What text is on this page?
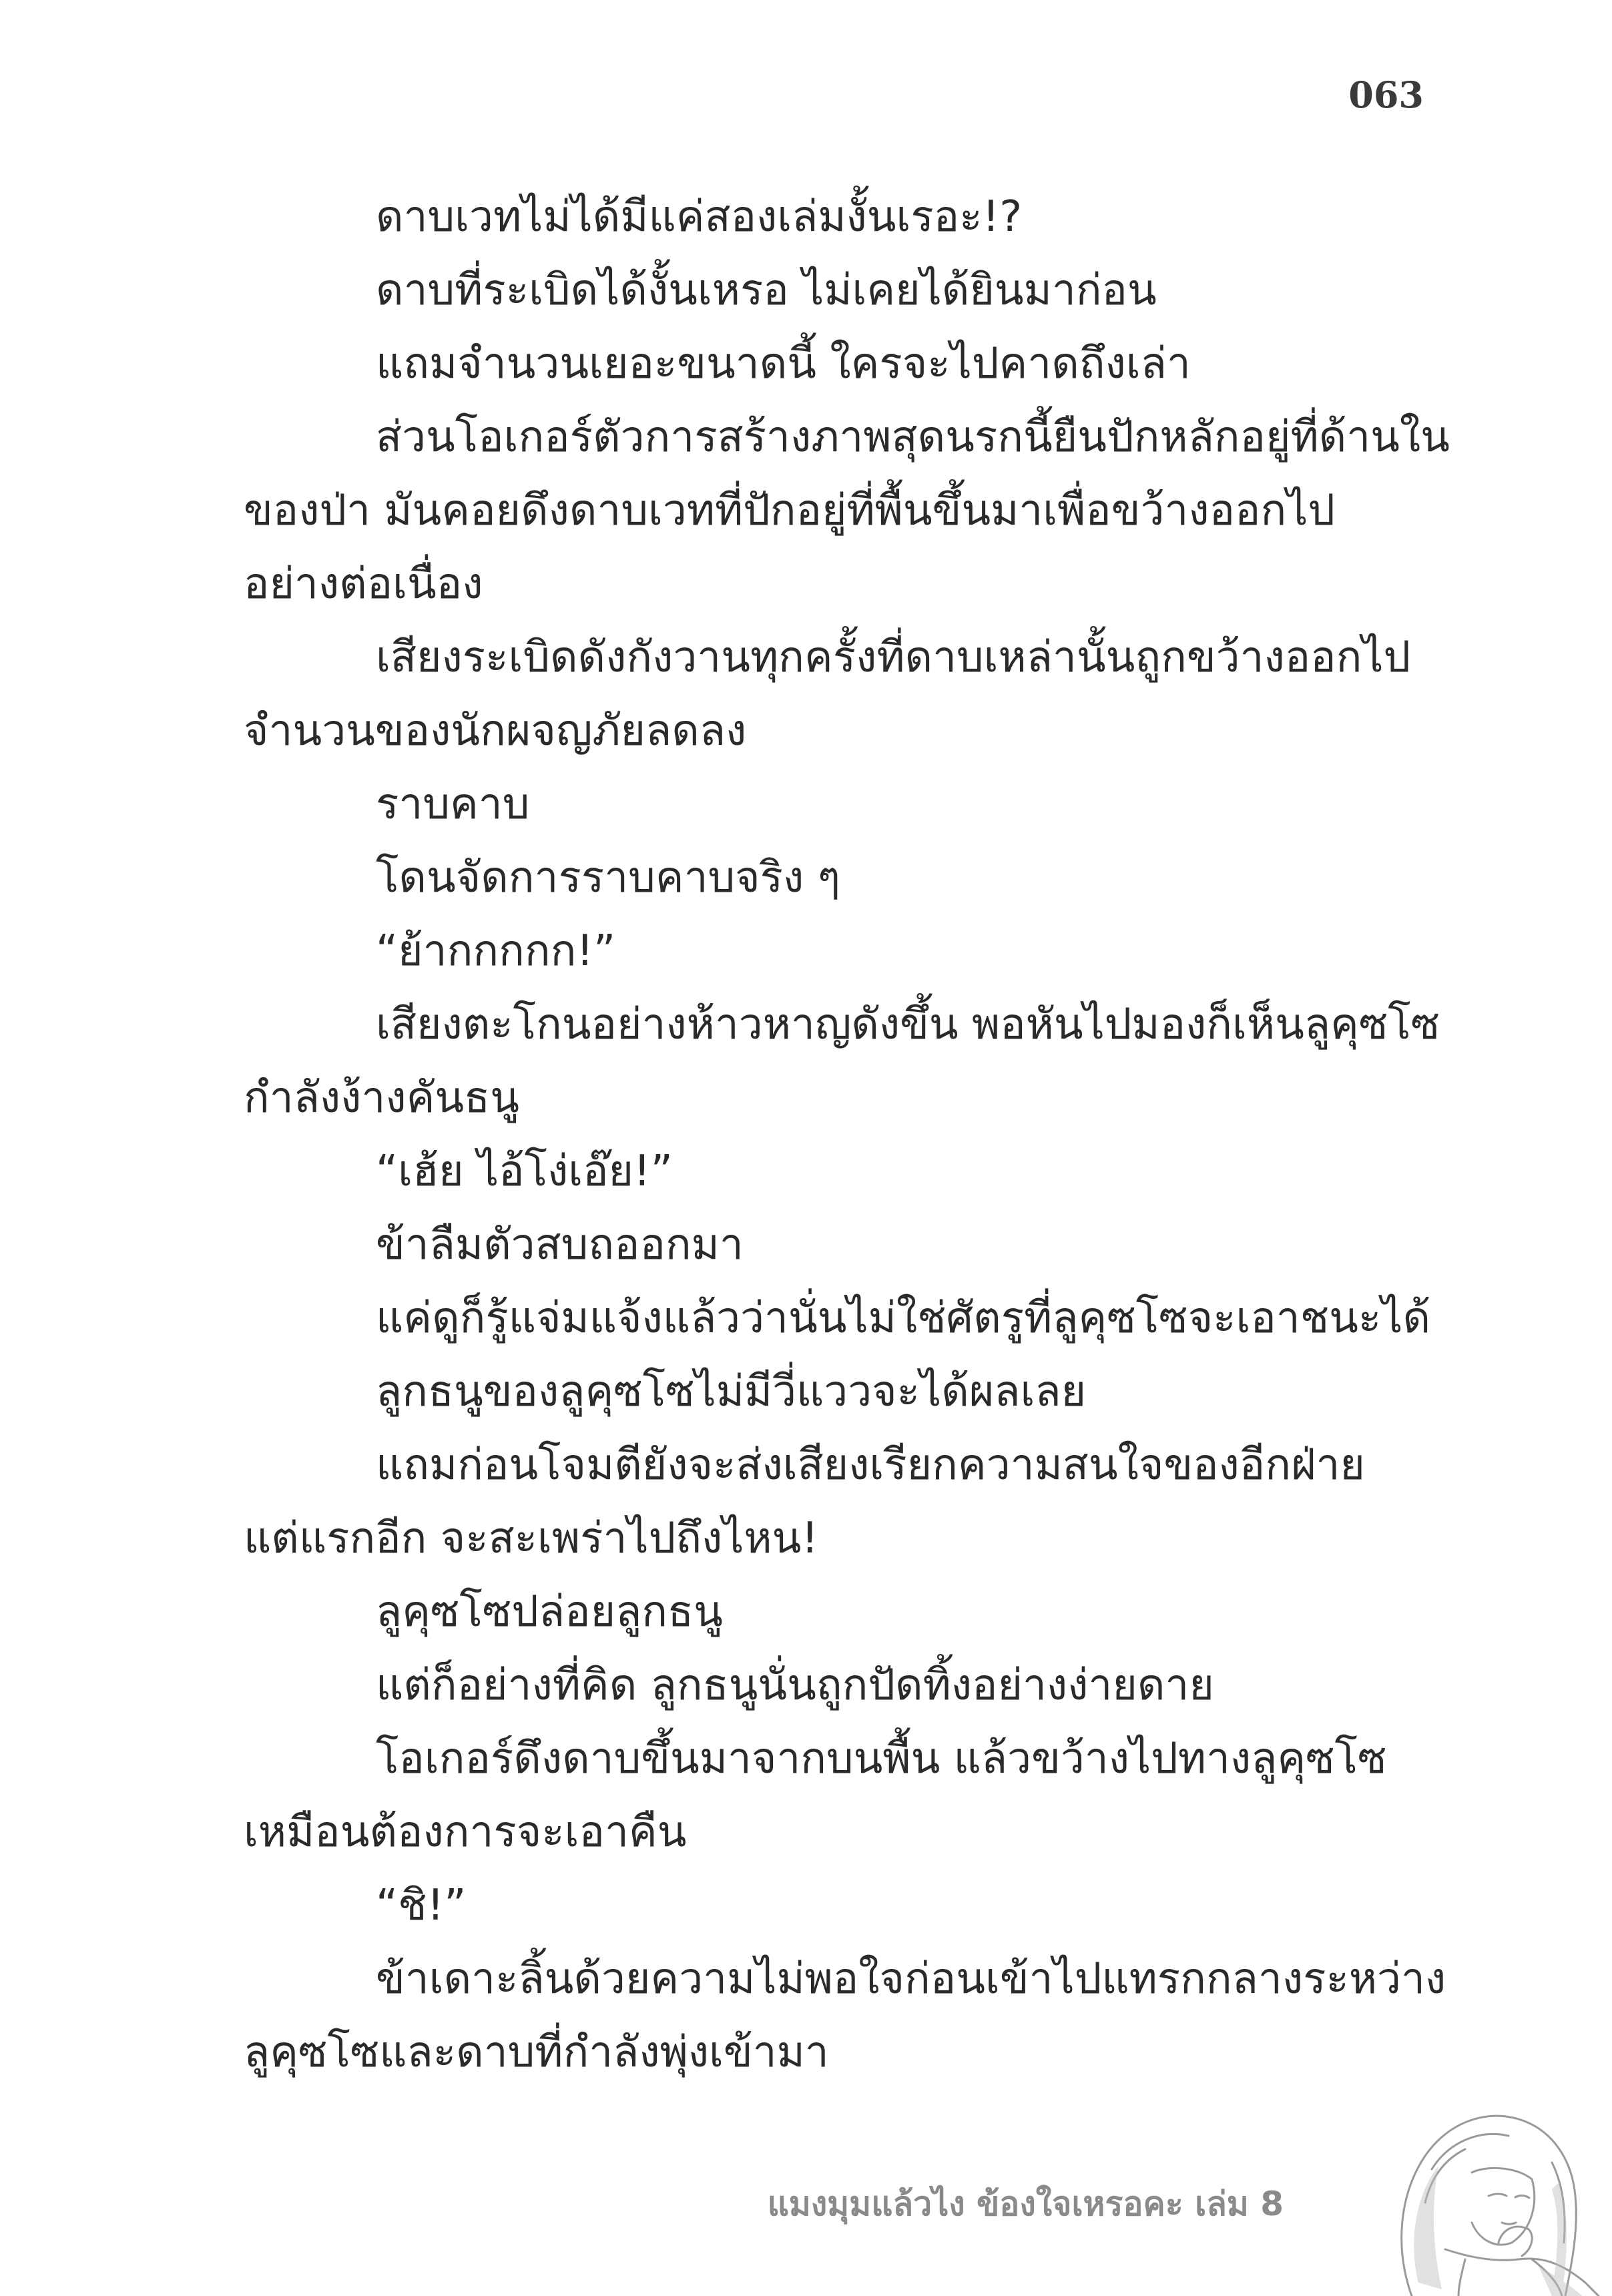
063

ดาบเวทไม่ได้มีแค่สองเล่มงั้นเรอะ!?

ดาบที่ระเบิดได้งั้นเหรอ ไม่เคยได้ยินมาก่อน

แถมจำนวนเยอะขนาดนี้ ใครจะไปคาดถึงเล่า

ส่วนโอเกอร์ตัวการสร้างภาพสุดนรกนี้ยืนปักหลักอยู่ที่ด้านใน

ของป่า มันคอยดึงดาบเวทที่ปักอยู่ที่พื้นขึ้นมาเพื่อขว้างออกไป

อย่างต่อเนื่อง

เสียงระเบิดดังกังวานทุกครั้งที่ดาบเหล่านั้นถูกขว้างออกไป

จำนวนของนักผจญภัยลดลง

ราบคาบ

โดนจัดการราบคาบจริง ๆ

“ย้ากกกกก!”

เสียงตะโกนอย่างห้าวหาญดังขึ้น พอหันไปมองก็เห็นลูคุซโซ

กำลังง้างคันธนู

“เฮ้ย ไอ้โง่เอ๊ย!”

ข้าลืมตัวสบถออกมา

แค่ดูก็รู้แจ่มแจ้งแล้วว่านั่นไม่ใช่ศัตรูที่ลูคุซโซจะเอาชนะได้

ลูกธนูของลูคุซโซไม่มีวี่แววจะได้ผลเลย

แถมก่อนโจมตียังจะส่งเสียงเรียกความสนใจของอีกฝ่าย

แต่แรกอีก จะสะเพร่าไปถึงไหน!

ลูคุซโซปล่อยลูกธนู

แต่ก็อย่างที่คิด ลูกธนูนั่นถูกปัดทิ้งอย่างง่ายดาย

โอเกอร์ดึงดาบขึ้นมาจากบนพื้น แล้วขว้างไปทางลูคุซโซ

เหมือนต้องการจะเอาคืน

“ชิ!”

ข้าเดาะลิ้นด้วยความไม่พอใจก่อนเข้าไปแทรกกลางระหว่าง

ลูคุซโซและดาบที่กำลังพุ่งเข้ามา

แมงมุมแล้วไง ข้องใจเหรอคะ เล่ม 8
